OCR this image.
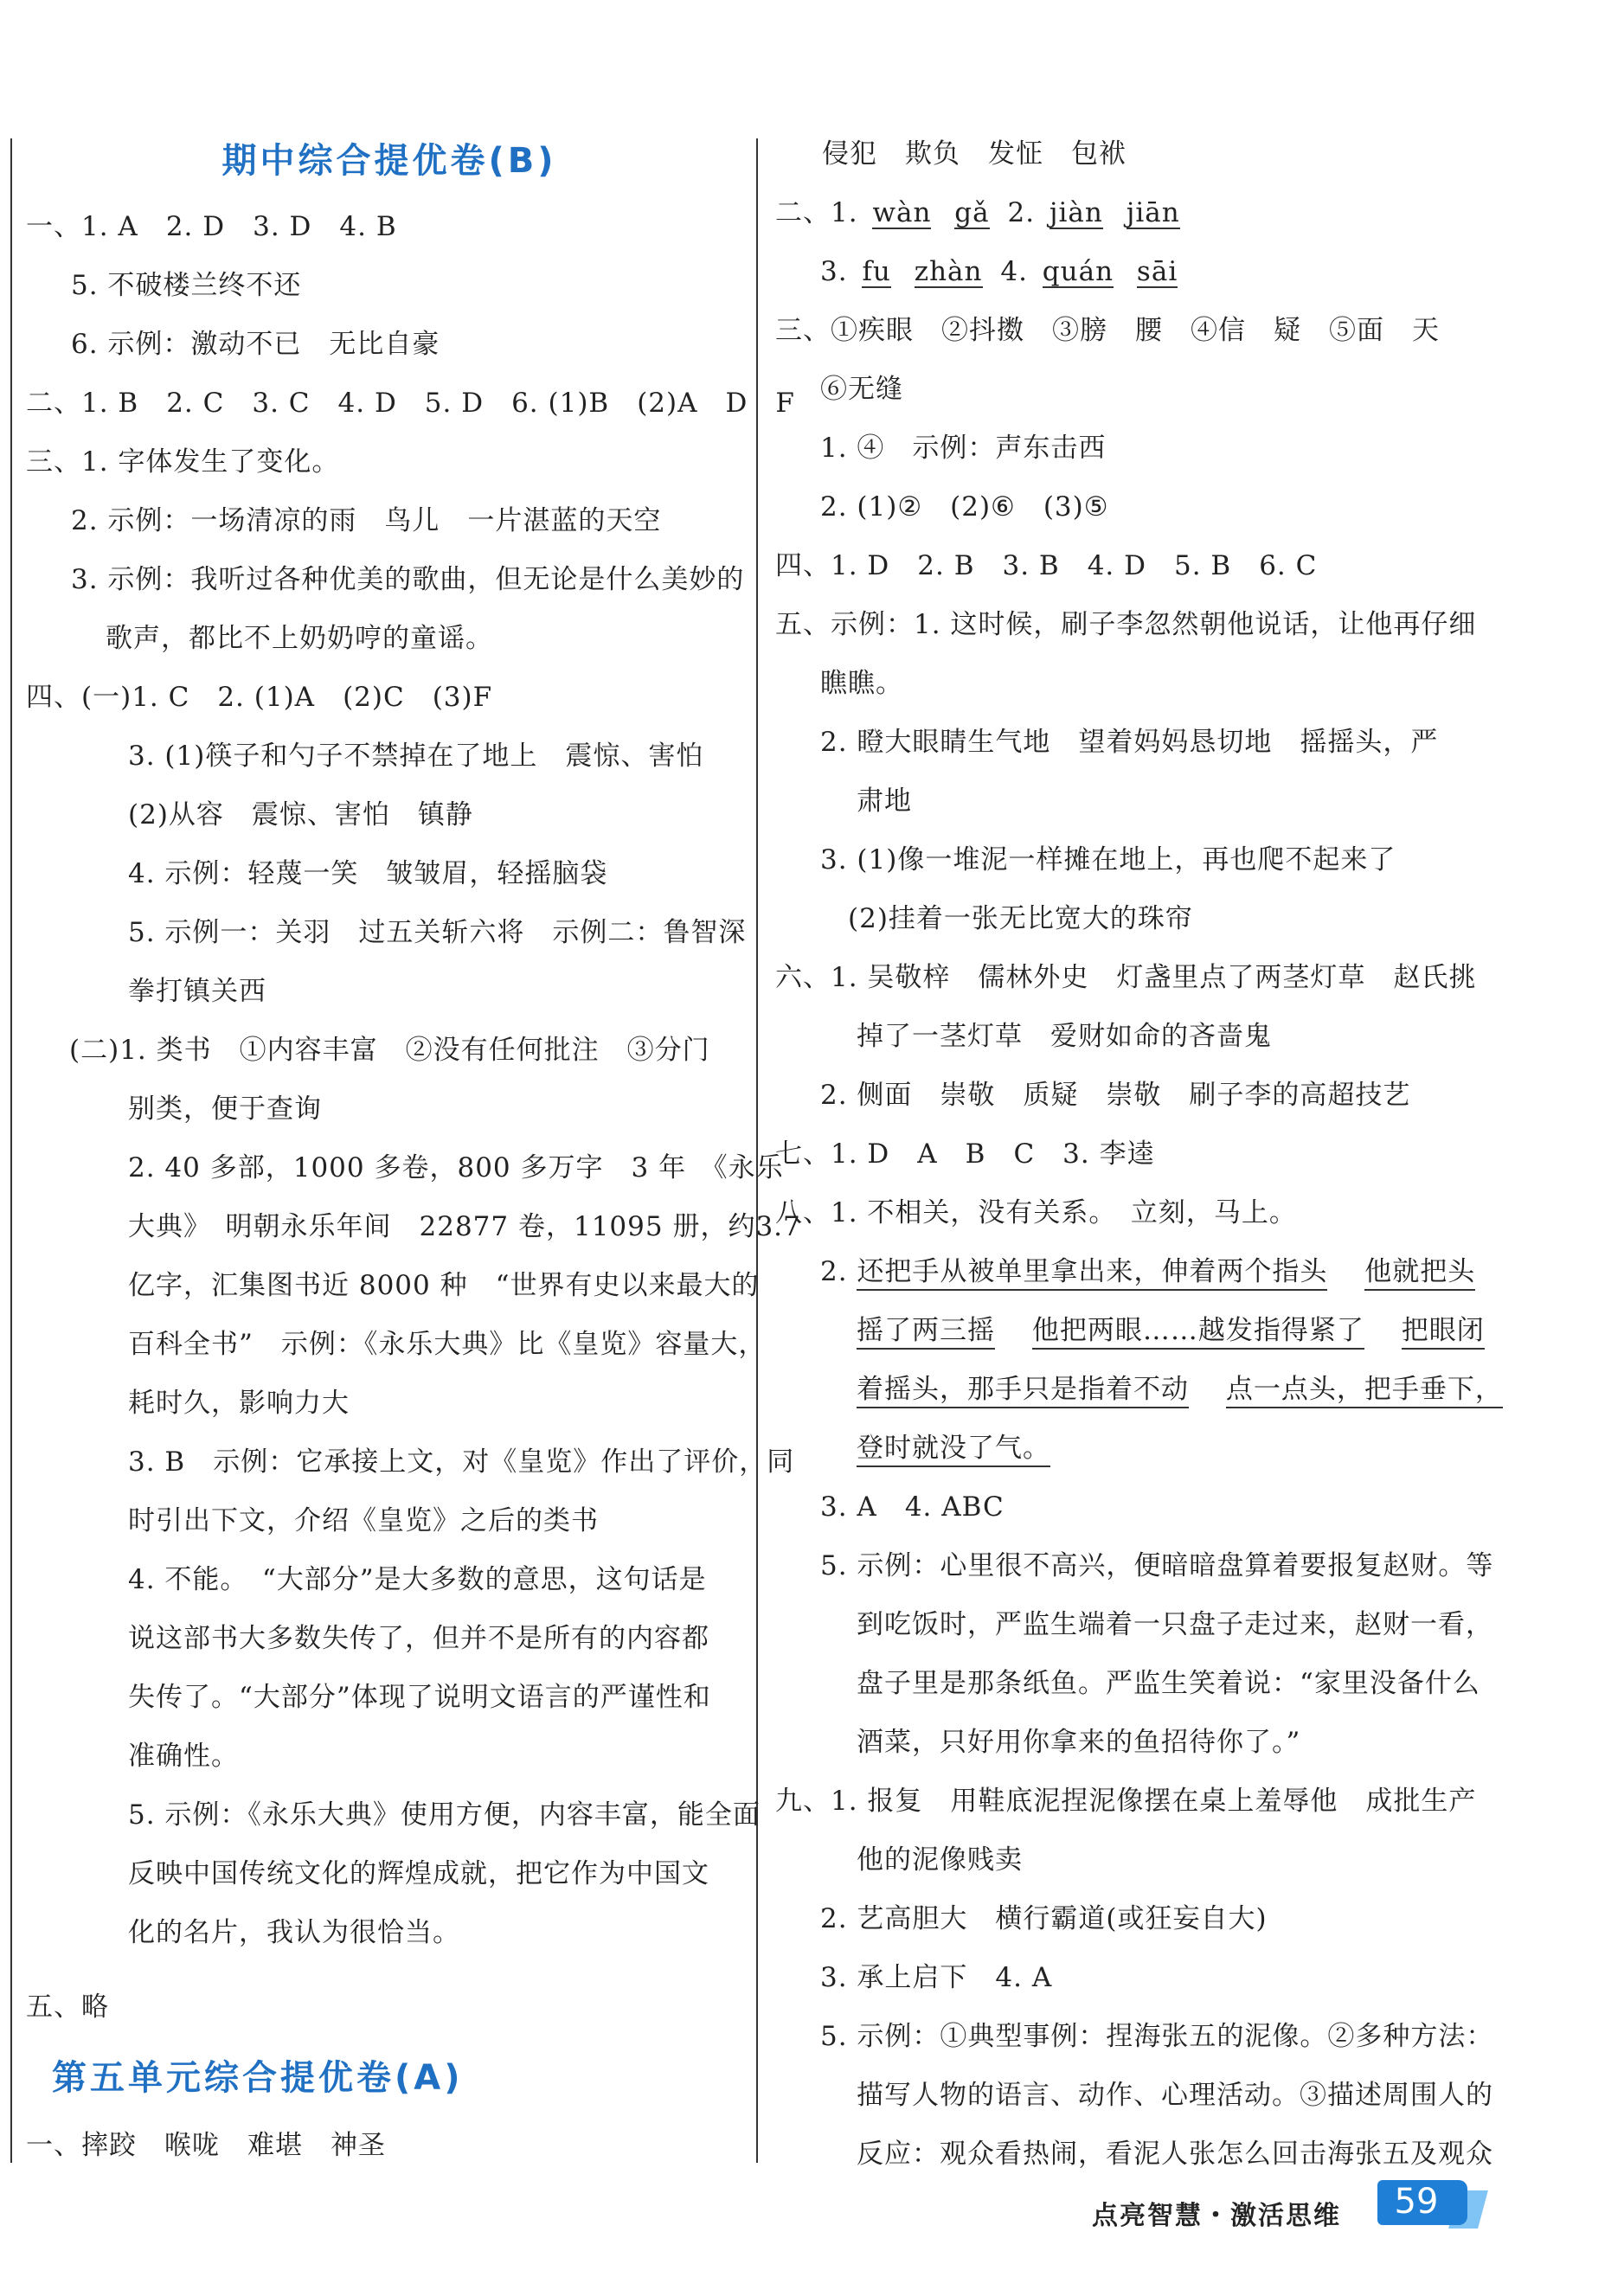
期中综合提优卷(B)
一、1. A　2. D　3. D　4. B
5. 不破楼兰终不还
6. 示例：激动不已　无比自豪
二、1. B　2. C　3. C　4. D　5. D　6. (1)B　(2)A　D　F
三、1. 字体发生了变化。
2. 示例：一场清凉的雨　鸟儿　一片湛蓝的天空
3. 示例：我听过各种优美的歌曲，但无论是什么美妙的
歌声，都比不上奶奶哼的童谣。
四、(一)1. C　2. (1)A　(2)C　(3)F
3. (1)筷子和勺子不禁掉在了地上　震惊、害怕
(2)从容　震惊、害怕　镇静
4. 示例：轻蔑一笑　皱皱眉，轻摇脑袋
5. 示例一：关羽　过五关斩六将　示例二：鲁智深
拳打镇关西
(二)1. 类书　①内容丰富　②没有任何批注　③分门
别类，便于查询
2. 40 多部，1000 多卷，800 多万字　3 年　《永乐
大典》　明朝永乐年间　22877 卷，11095 册，约3.7
亿字，汇集图书近 8000 种　“世界有史以来最大的
百科全书”　示例：《永乐大典》比《皇览》容量大，
耗时久，影响力大
3. B　示例：它承接上文，对《皇览》作出了评价，同
时引出下文，介绍《皇览》之后的类书
4. 不能。　“大部分”是大多数的意思，这句话是
说这部书大多数失传了，但并不是所有的内容都
失传了。“大部分”体现了说明文语言的严谨性和
准确性。
5. 示例：《永乐大典》使用方便，内容丰富，能全面
反映中国传统文化的辉煌成就，把它作为中国文
化的名片，我认为很恰当。
五、略
第五单元综合提优卷(A)
一、摔跤　喉咙　难堪　神圣
侵犯　欺负　发怔　包袱
二、1. wàn gǎ 2. jiàn jiān
3. fu zhàn 4. quán sāi
三、①疾眼　②抖擞　③膀　腰　④信　疑　⑤面　天
⑥无缝
1. ④　示例：声东击西
2. (1)②　(2)⑥　(3)⑤
四、1. D　2. B　3. B　4. D　5. B　6. C
五、示例：1. 这时候，刷子李忽然朝他说话，让他再仔细
瞧瞧。
2. 瞪大眼睛生气地　望着妈妈恳切地　摇摇头，严
肃地
3. (1)像一堆泥一样摊在地上，再也爬不起来了
(2)挂着一张无比宽大的珠帘
六、1. 吴敬梓　儒林外史　灯盏里点了两茎灯草　赵氏挑
掉了一茎灯草　爱财如命的吝啬鬼
2. 侧面　崇敬　质疑　崇敬　刷子李的高超技艺
七、1. D　A　B　C　3. 李逵
八、1. 不相关，没有关系。　立刻，马上。
2. 还把手从被单里拿出来，伸着两个指头　 他就把头
摇了两三摇　 他把两眼……越发指得紧了　 把眼闭
着摇头，那手只是指着不动　 点一点头，把手垂下，
登时就没了气。
3. A　4. ABC
5. 示例：心里很不高兴，便暗暗盘算着要报复赵财。等
到吃饭时，严监生端着一只盘子走过来，赵财一看，
盘子里是那条纸鱼。严监生笑着说：“家里没备什么
酒菜，只好用你拿来的鱼招待你了。”
九、1. 报复　用鞋底泥捏泥像摆在桌上羞辱他　成批生产
他的泥像贱卖
2. 艺高胆大　横行霸道(或狂妄自大)
3. 承上启下　4. A
5. 示例：①典型事例：捏海张五的泥像。②多种方法：
描写人物的语言、动作、心理活动。③描述周围人的
反应：观众看热闹，看泥人张怎么回击海张五及观众
点亮智慧・激活思维	59
